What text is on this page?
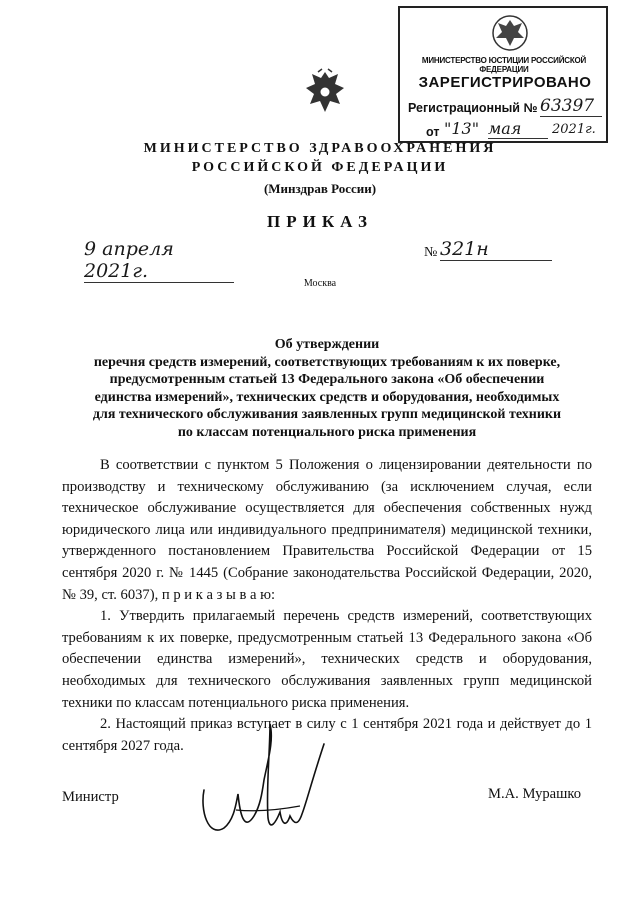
МИНИСТЕРСТВО ЮСТИЦИИ РОССИЙСКОЙ ФЕДЕРАЦИИ
ЗАРЕГИСТРИРОВАНО
Регистрационный № 63397
от "13" мая	2021г.
МИНИСТЕРСТВО ЗДРАВООХРАНЕНИЯ
РОССИЙСКОЙ ФЕДЕРАЦИИ
(Минздрав России)
ПРИКАЗ
9 апреля 2021г.
№ 321н
Москва
Об утверждении
перечня средств измерений, соответствующих требованиям к их поверке,
предусмотренным статьей 13 Федерального закона «Об обеспечении
единства измерений», технических средств и оборудования, необходимых
для технического обслуживания заявленных групп медицинской техники
по классам потенциального риска применения

В соответствии с пунктом 5 Положения о лицензировании деятельности по производству и техническому обслуживанию (за исключением случая, если техническое обслуживание осуществляется для обеспечения собственных нужд юридического лица или индивидуального предпринимателя) медицинской техники, утвержденного постановлением Правительства Российской Федерации от 15 сентября 2020 г. № 1445 (Собрание законодательства Российской Федерации, 2020, № 39, ст. 6037), п р и к а з ы в а ю:

1. Утвердить прилагаемый перечень средств измерений, соответствующих требованиям к их поверке, предусмотренным статьей 13 Федерального закона «Об обеспечении единства измерений», технических средств и оборудования, необходимых для технического обслуживания заявленных групп медицинской техники по классам потенциального риска применения.

2. Настоящий приказ вступает в силу с 1 сентября 2021 года и действует до 1 сентября 2027 года.

Министр	М.А. Мурашко
